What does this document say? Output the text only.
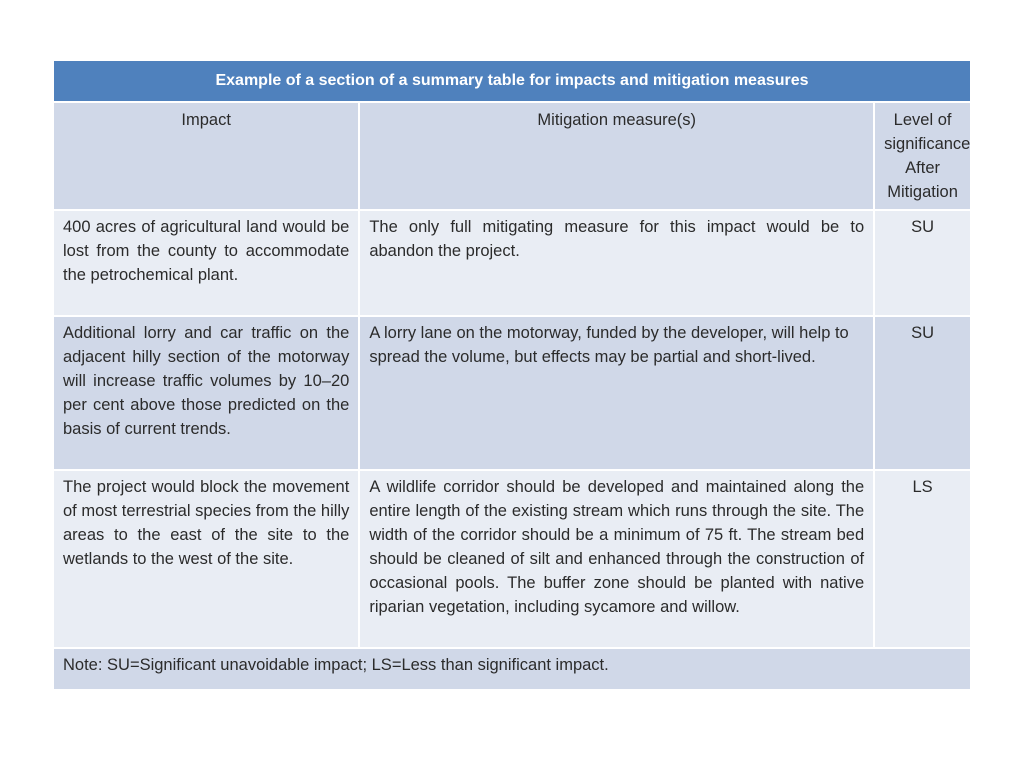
Example of a section of a summary table for impacts and mitigation measures		
Impact	Mitigation measure(s)	Level of significance After Mitigation
400 acres of agricultural land would be lost from the county to accommodate the petrochemical plant.	The only full mitigating measure for this impact would be to abandon the project.	SU
Additional lorry and car traffic on the adjacent hilly section of the motorway will increase traffic volumes by 10–20 per cent above those predicted on the basis of current trends.	A lorry lane on the motorway, funded by the developer, will help to spread the volume, but effects may be partial and short-lived.	SU
The project would block the movement of most terrestrial species from the hilly areas to the east of the site to the wetlands to the west of the site.	A wildlife corridor should be developed and maintained along the entire length of the existing stream which runs through the site. The width of the corridor should be a minimum of 75 ft. The stream bed should be cleaned of silt and enhanced through the construction of occasional pools. The buffer zone should be planted with native riparian vegetation, including sycamore and willow.	LS
Note: SU=Significant unavoidable impact; LS=Less than significant impact.		
